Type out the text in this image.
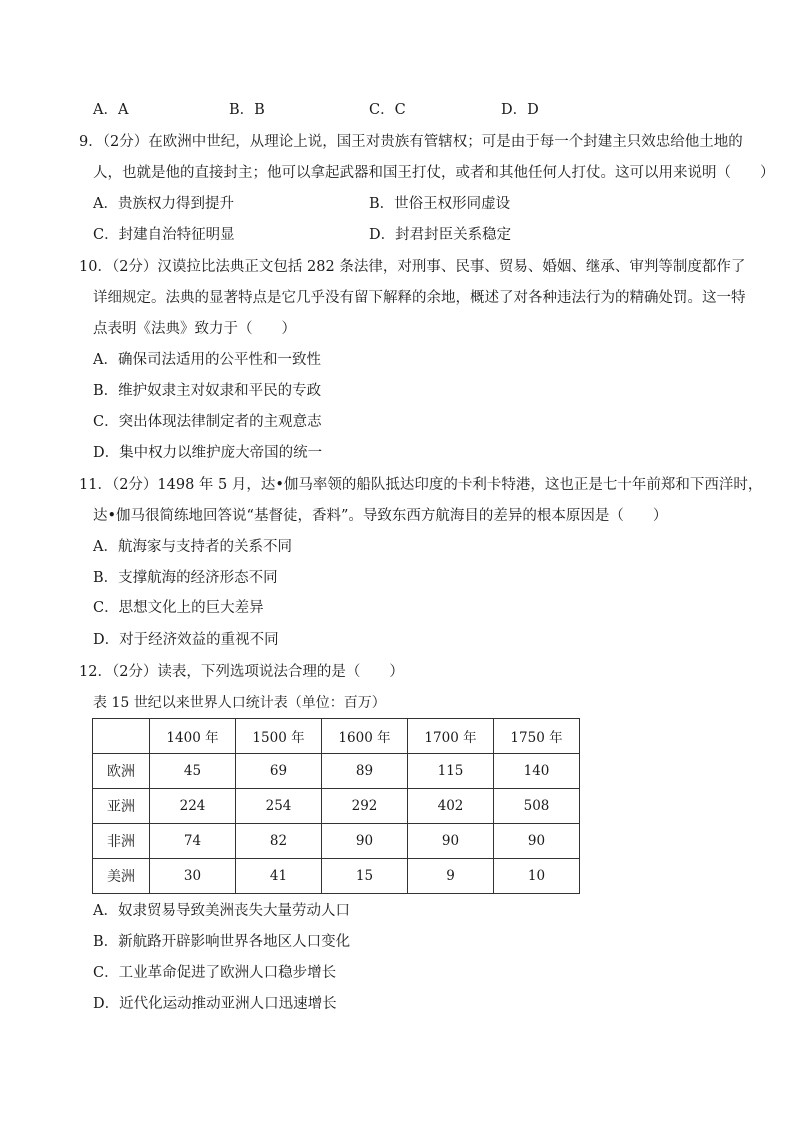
A．A	B．B	C．C	D．D
9．（2分）在欧洲中世纪，从理论上说，国王对贵族有管辖权；可是由于每一个封建主只效忠给他土地的
人，也就是他的直接封主；他可以拿起武器和国王打仗，或者和其他任何人打仗。这可以用来说明（　　）
A．贵族权力得到提升	B．世俗王权形同虚设
C．封建自治特征明显	D．封君封臣关系稳定
10．（2分）汉谟拉比法典正文包括 282 条法律，对刑事、民事、贸易、婚姻、继承、审判等制度都作了
详细规定。法典的显著特点是它几乎没有留下解释的余地，概述了对各种违法行为的精确处罚。这一特
点表明《法典》致力于（　　）
A．确保司法适用的公平性和一致性
B．维护奴隶主对奴隶和平民的专政
C．突出体现法律制定者的主观意志
D．集中权力以维护庞大帝国的统一
11．（2分）1498 年 5 月，达•伽马率领的船队抵达印度的卡利卡特港，这也正是七十年前郑和下西洋时，
达•伽马很简练地回答说“基督徒，香料”。导致东西方航海目的差异的根本原因是（　　）
A．航海家与支持者的关系不同
B．支撑航海的经济形态不同
C．思想文化上的巨大差异
D．对于经济效益的重视不同
12．（2分）读表，下列选项说法合理的是（　　）
表 15 世纪以来世界人口统计表（单位：百万）
	1400 年	1500 年	1600 年	1700 年	1750 年
欧洲	45	69	89	115	140
亚洲	224	254	292	402	508
非洲	74	82	90	90	90
美洲	30	41	15	9	10
A．奴隶贸易导致美洲丧失大量劳动人口
B．新航路开辟影响世界各地区人口变化
C．工业革命促进了欧洲人口稳步增长
D．近代化运动推动亚洲人口迅速增长
